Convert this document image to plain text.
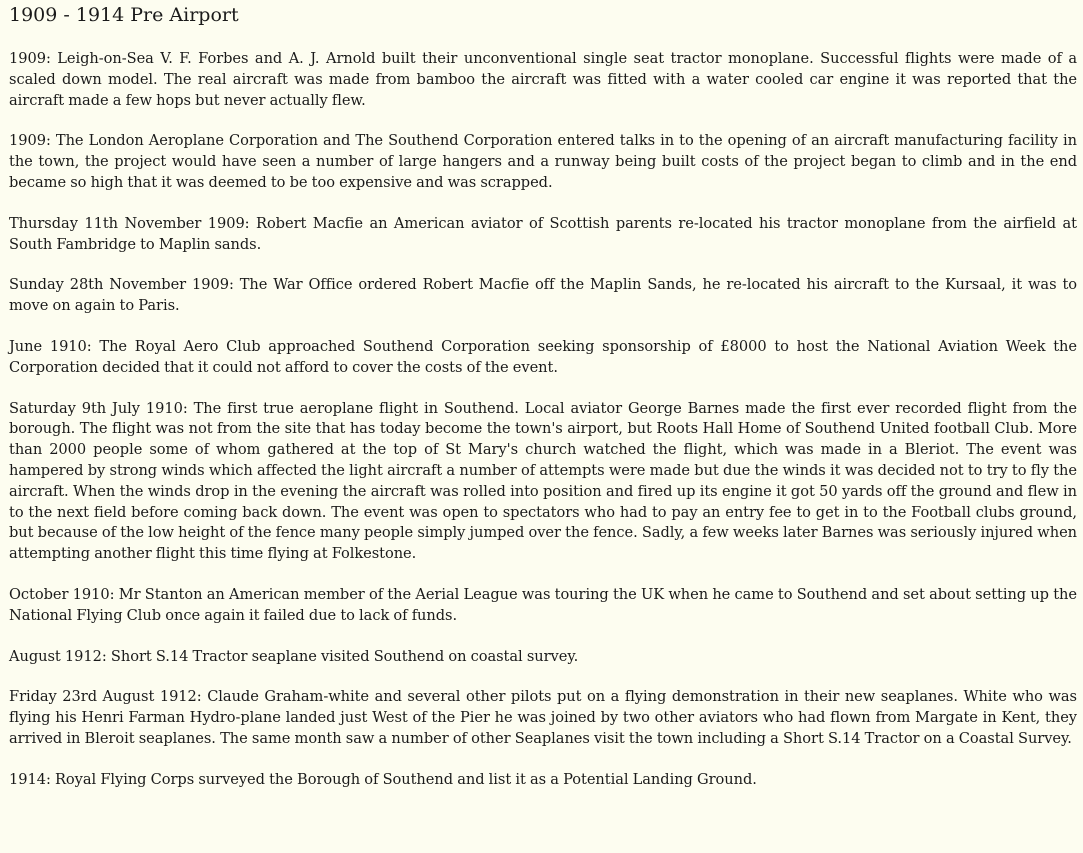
1909 - 1914 Pre Airport

1909: Leigh-on-Sea V. F. Forbes and A. J. Arnold built their unconventional single seat tractor monoplane. Successful flights were made of a scaled down model. The real aircraft was made from bamboo the aircraft was fitted with a water cooled car engine it was reported that the aircraft made a few hops but never actually flew.

1909: The London Aeroplane Corporation and The Southend Corporation entered talks in to the opening of an aircraft manufacturing facility in the town, the project would have seen a number of large hangers and a runway being built costs of the project began to climb and in the end became so high that it was deemed to be too expensive and was scrapped.

Thursday 11th November 1909: Robert Macfie an American aviator of Scottish parents re-located his tractor monoplane from the airfield at South Fambridge to Maplin sands.

Sunday 28th November 1909: The War Office ordered Robert Macfie off the Maplin Sands, he re-located his aircraft to the Kursaal, it was to move on again to Paris.

June 1910: The Royal Aero Club approached Southend Corporation seeking sponsorship of £8000 to host the National Aviation Week the Corporation decided that it could not afford to cover the costs of the event.

Saturday 9th July 1910: The first true aeroplane flight in Southend. Local aviator George Barnes made the first ever recorded flight from the borough. The flight was not from the site that has today become the town's airport, but Roots Hall Home of Southend United football Club. More than 2000 people some of whom gathered at the top of St Mary's church watched the flight, which was made in a Bleriot. The event was hampered by strong winds which affected the light aircraft a number of attempts were made but due the winds it was decided not to try to fly the aircraft. When the winds drop in the evening the aircraft was rolled into position and fired up its engine it got 50 yards off the ground and flew in to the next field before coming back down. The event was open to spectators who had to pay an entry fee to get in to the Football clubs ground, but because of the low height of the fence many people simply jumped over the fence. Sadly, a few weeks later Barnes was seriously injured when attempting another flight this time flying at Folkestone.

October 1910: Mr Stanton an American member of the Aerial League was touring the UK when he came to Southend and set about setting up the National Flying Club once again it failed due to lack of funds.

August 1912: Short S.14 Tractor seaplane visited Southend on coastal survey.

Friday 23rd August 1912: Claude Graham-white and several other pilots put on a flying demonstration in their new seaplanes. White who was flying his Henri Farman Hydro-plane landed just West of the Pier he was joined by two other aviators who had flown from Margate in Kent, they arrived in Bleroit seaplanes. The same month saw a number of other Seaplanes visit the town including a Short S.14 Tractor on a Coastal Survey.

1914: Royal Flying Corps surveyed the Borough of Southend and list it as a Potential Landing Ground.
